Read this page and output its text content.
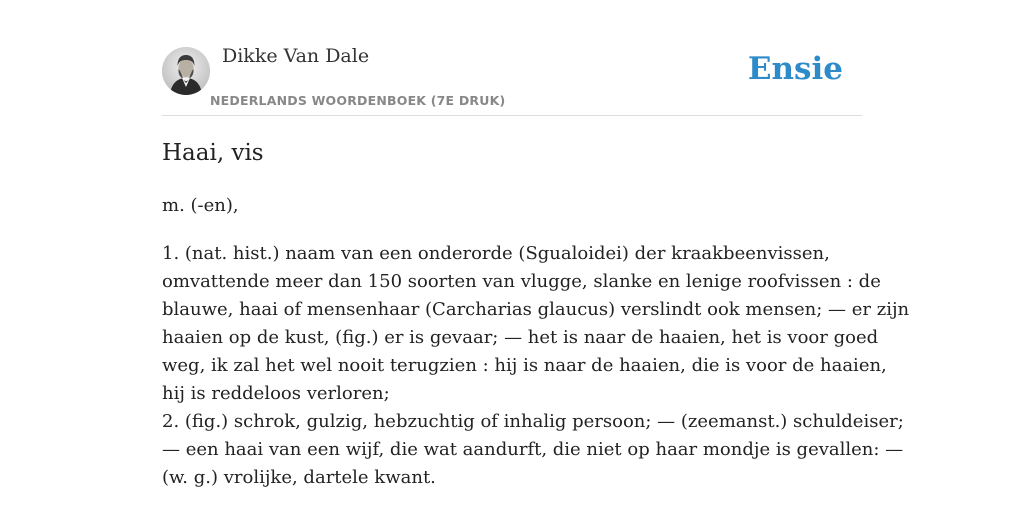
Dikke Van Dale
NEDERLANDS WOORDENBOEK (7E DRUK)
Ensie
Haai, vis

m. (-en),

1. (nat. hist.) naam van een onderorde (Sgualoidei) der kraakbeenvissen,
omvattende meer dan 150 soorten van vlugge, slanke en lenige roofvissen : de
blauwe, haai of mensenhaar (Carcharias glaucus) verslindt ook mensen; — er zijn
haaien op de kust, (fig.) er is gevaar; — het is naar de haaien, het is voor goed
weg, ik zal het wel nooit terugzien : hij is naar de haaien, die is voor de haaien,
hij is reddeloos verloren;
2. (fig.) schrok, gulzig, hebzuchtig of inhalig persoon; — (zeemanst.) schuldeiser;
— een haai van een wijf, die wat aandurft, die niet op haar mondje is gevallen: —
(w. g.) vrolijke, dartele kwant.
